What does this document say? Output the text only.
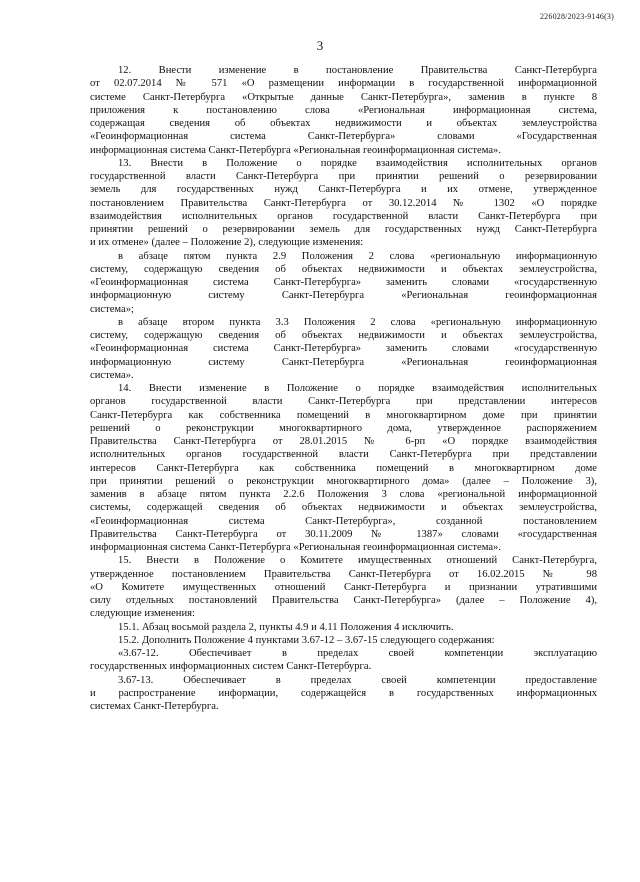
226028/2023-9146(3)
3

12. Внести изменение в постановление Правительства Санкт-Петербурга
от 02.07.2014 № 571 «О размещении информации в государственной информационной
системе Санкт-Петербурга «Открытые данные Санкт-Петербурга», заменив в пункте 8
приложения к постановлению слова «Региональная информационная система,
содержащая сведения об объектах недвижимости и объектах землеустройства
«Геоинформационная система Санкт-Петербурга» словами «Государственная
информационная система Санкт-Петербурга «Региональная геоинформационная система».

13. Внести в Положение о порядке взаимодействия исполнительных органов
государственной власти Санкт-Петербурга при принятии решений о резервировании
земель для государственных нужд Санкт-Петербурга и их отмене, утвержденное
постановлением Правительства Санкт-Петербурга от 30.12.2014 № 1302 «О порядке
взаимодействия исполнительных органов государственной власти Санкт-Петербурга при
принятии решений о резервировании земель для государственных нужд Санкт-Петербурга
и их отмене» (далее – Положение 2), следующие изменения:

в абзаце пятом пункта 2.9 Положения 2 слова «региональную информационную
систему, содержащую сведения об объектах недвижимости и объектах землеустройства,
«Геоинформационная система Санкт-Петербурга» заменить словами «государственную
информационную систему Санкт-Петербурга «Региональная геоинформационная
система»;

в абзаце втором пункта 3.3 Положения 2 слова «региональную информационную
систему, содержащую сведения об объектах недвижимости и объектах землеустройства,
«Геоинформационная система Санкт-Петербурга» заменить словами «государственную
информационную систему Санкт-Петербурга «Региональная геоинформационная
система».

14. Внести изменение в Положение о порядке взаимодействия исполнительных
органов государственной власти Санкт-Петербурга при представлении интересов
Санкт-Петербурга как собственника помещений в многоквартирном доме при принятии
решений о реконструкции многоквартирного дома, утвержденное распоряжением
Правительства Санкт-Петербурга от 28.01.2015 № 6-рп «О порядке взаимодействия
исполнительных органов государственной власти Санкт-Петербурга при представлении
интересов Санкт-Петербурга как собственника помещений в многоквартирном доме
при принятии решений о реконструкции многоквартирного дома» (далее – Положение 3),
заменив в абзаце пятом пункта 2.2.6 Положения 3 слова «региональной информационной
системы, содержащей сведения об объектах недвижимости и объектах землеустройства,
«Геоинформационная система Санкт-Петербурга», созданной постановлением
Правительства Санкт-Петербурга от 30.11.2009 № 1387» словами «государственная
информационная система Санкт-Петербурга «Региональная геоинформационная система».

15. Внести в Положение о Комитете имущественных отношений Санкт-Петербурга,
утвержденное постановлением Правительства Санкт-Петербурга от 16.02.2015 № 98
«О Комитете имущественных отношений Санкт-Петербурга и признании утратившими
силу отдельных постановлений Правительства Санкт-Петербурга» (далее – Положение 4),
следующие изменения:

15.1. Абзац восьмой раздела 2, пункты 4.9 и 4.11 Положения 4 исключить.

15.2. Дополнить Положение 4 пунктами 3.67-12 – 3.67-15 следующего содержания:

«3.67-12. Обеспечивает в пределах своей компетенции эксплуатацию
государственных информационных систем Санкт-Петербурга.

3.67-13. Обеспечивает в пределах своей компетенции предоставление
и распространение информации, содержащейся в государственных информационных
системах Санкт-Петербурга.
